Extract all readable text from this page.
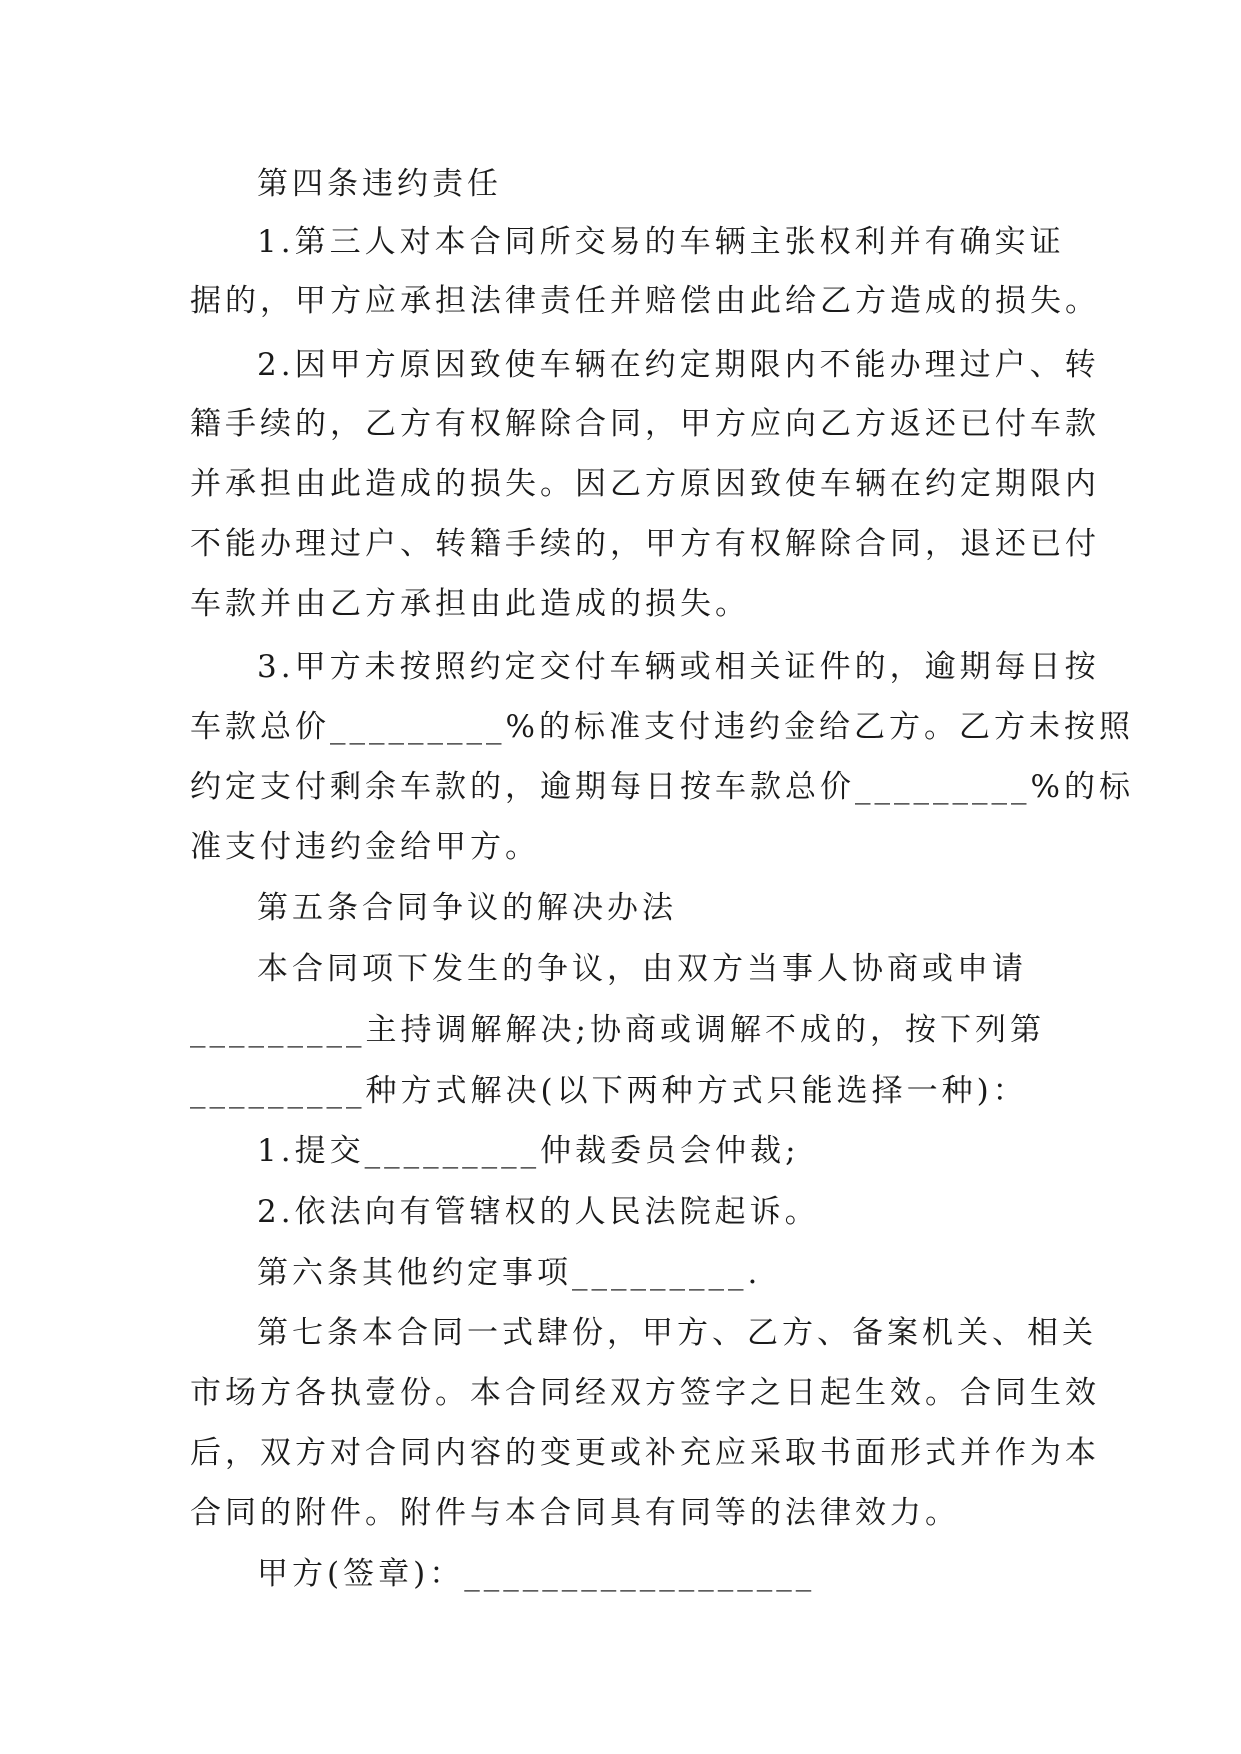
第四条违约责任
1.第三人对本合同所交易的车辆主张权利并有确实证
据的，甲方应承担法律责任并赔偿由此给乙方造成的损失。
2.因甲方原因致使车辆在约定期限内不能办理过户、转
籍手续的，乙方有权解除合同，甲方应向乙方返还已付车款
并承担由此造成的损失。因乙方原因致使车辆在约定期限内
不能办理过户、转籍手续的，甲方有权解除合同，退还已付
车款并由乙方承担由此造成的损失。
3.甲方未按照约定交付车辆或相关证件的，逾期每日按
车款总价_________%的标准支付违约金给乙方。乙方未按照
约定支付剩余车款的，逾期每日按车款总价_________%的标
准支付违约金给甲方。
第五条合同争议的解决办法
本合同项下发生的争议，由双方当事人协商或申请
_________主持调解解决;协商或调解不成的，按下列第
_________种方式解决(以下两种方式只能选择一种)：
1.提交_________仲裁委员会仲裁;
2.依法向有管辖权的人民法院起诉。
第六条其他约定事项_________.
第七条本合同一式肆份，甲方、乙方、备案机关、相关
市场方各执壹份。本合同经双方签字之日起生效。合同生效
后，双方对合同内容的变更或补充应采取书面形式并作为本
合同的附件。附件与本合同具有同等的法律效力。
甲方(签章)：__________________
